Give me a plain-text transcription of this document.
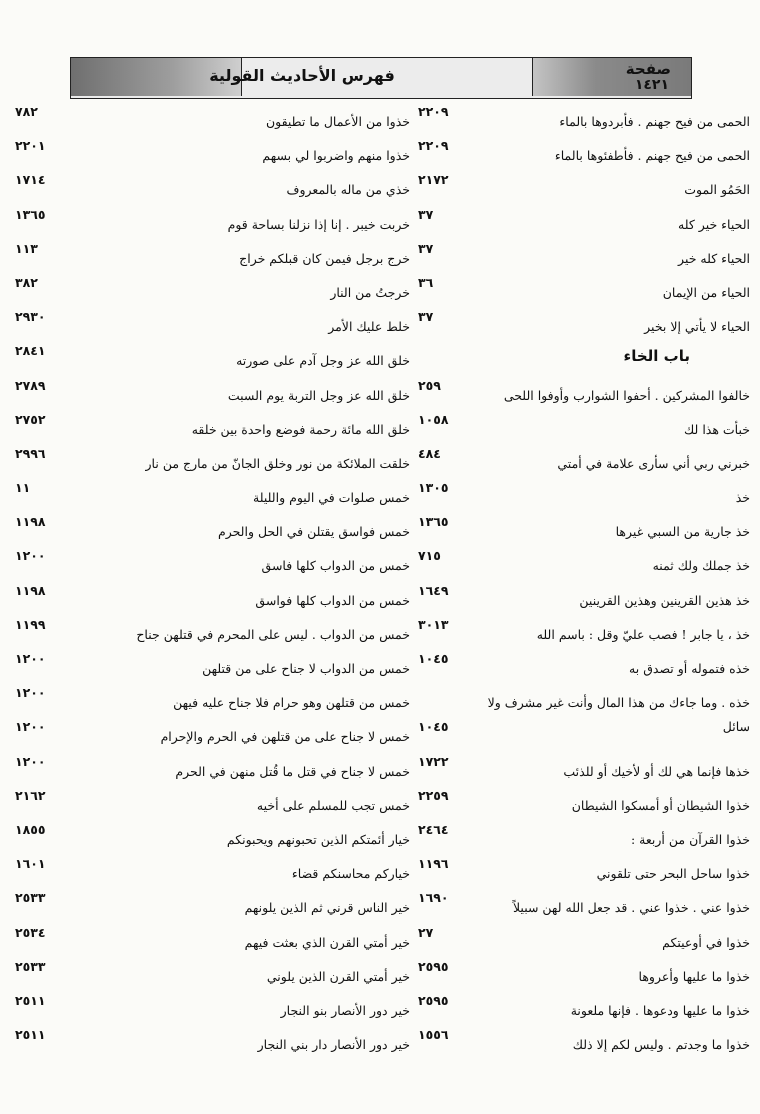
فهرس الأحاديث القولية	صفحة
١٤٢١
الحمى من فيح جهنم . فأبردوها بالماء
٢٢٠٩
الحمى من فيح جهنم . فأطفئوها بالماء
٢٢٠٩
الحَمُو الموت
٢١٧٢
الحياء خير كله
٣٧
الحياء كله خير
٣٧
الحياء من الإيمان
٣٦
الحياء لا يأتي إلا بخير
٣٧
باب الخاء
خالفوا المشركين . أحفوا الشوارب وأوفوا اللحى
٢٥٩
خبأت هذا لك
١٠٥٨
خبرني ربي أني سأرى علامة في أمتي
٤٨٤
خذ
١٣٠٥
خذ جارية من السبي غيرها
١٣٦٥
خذ جملك ولك ثمنه
٧١٥
خذ هذين القرينين وهذين القرينين
١٦٤٩
خذ ، يا جابر ! فصب عليّ وقل : باسم الله
٣٠١٣
خذه فتموله أو تصدق به
١٠٤٥
خذه . وما جاءك من هذا المال وأنت غير مشرف ولا
سائل
١٠٤٥
خذها فإنما هي لك أو لأخيك أو للذئب
١٧٢٢
خذوا الشيطان أو أمسكوا الشيطان
٢٢٥٩
خذوا القرآن من أربعة :
٢٤٦٤
خذوا ساحل البحر حتى تلقوني
١١٩٦
خذوا عني . خذوا عني . قد جعل الله لهن سبيلاً
١٦٩٠
خذوا في أوعيتكم
٢٧
خذوا ما عليها وأعروها
٢٥٩٥
خذوا ما عليها ودعوها . فإنها ملعونة
٢٥٩٥
خذوا ما وجدتم . وليس لكم إلا ذلك
١٥٥٦
خذوا من الأعمال ما تطيقون
٧٨٢
خذوا منهم واضربوا لي بسهم
٢٢٠١
خذي من ماله بالمعروف
١٧١٤
خربت خيبر . إنا إذا نزلنا بساحة قوم
١٣٦٥
خرج برجل فيمن كان قبلكم خراج
١١٣
خرجتُ من النار
٣٨٢
خلط عليك الأمر
٢٩٣٠
خلق الله عز وجل آدم على صورته
٢٨٤١
خلق الله عز وجل التربة يوم السبت
٢٧٨٩
خلق الله مائة رحمة فوضع واحدة بين خلقه
٢٧٥٢
خلقت الملائكة من نور وخلق الجانّ من مارج من نار
٢٩٩٦
خمس صلوات في اليوم والليلة
١١
خمس فواسق يقتلن في الحل والحرم
١١٩٨
خمس من الدواب كلها فاسق
١٢٠٠
خمس من الدواب كلها فواسق
١١٩٨
خمس من الدواب . ليس على المحرم في قتلهن جناح
١١٩٩
خمس من الدواب لا جناح على من قتلهن
١٢٠٠
خمس من قتلهن وهو حرام فلا جناح عليه فيهن
١٢٠٠
خمس لا جناح على من قتلهن في الحرم والإحرام
١٢٠٠
خمس لا جناح في قتل ما قُتل منهن في الحرم
١٢٠٠
خمس تجب للمسلم على أخيه
٢١٦٢
خيار أئمتكم الذين تحبونهم ويحبونكم
١٨٥٥
خياركم محاسنكم قضاء
١٦٠١
خير الناس قرني ثم الذين يلونهم
٢٥٣٣
خير أمتي القرن الذي بعثت فيهم
٢٥٣٤
خير أمتي القرن الذين يلوني
٢٥٣٣
خير دور الأنصار بنو النجار
٢٥١١
خير دور الأنصار دار بني النجار
٢٥١١
